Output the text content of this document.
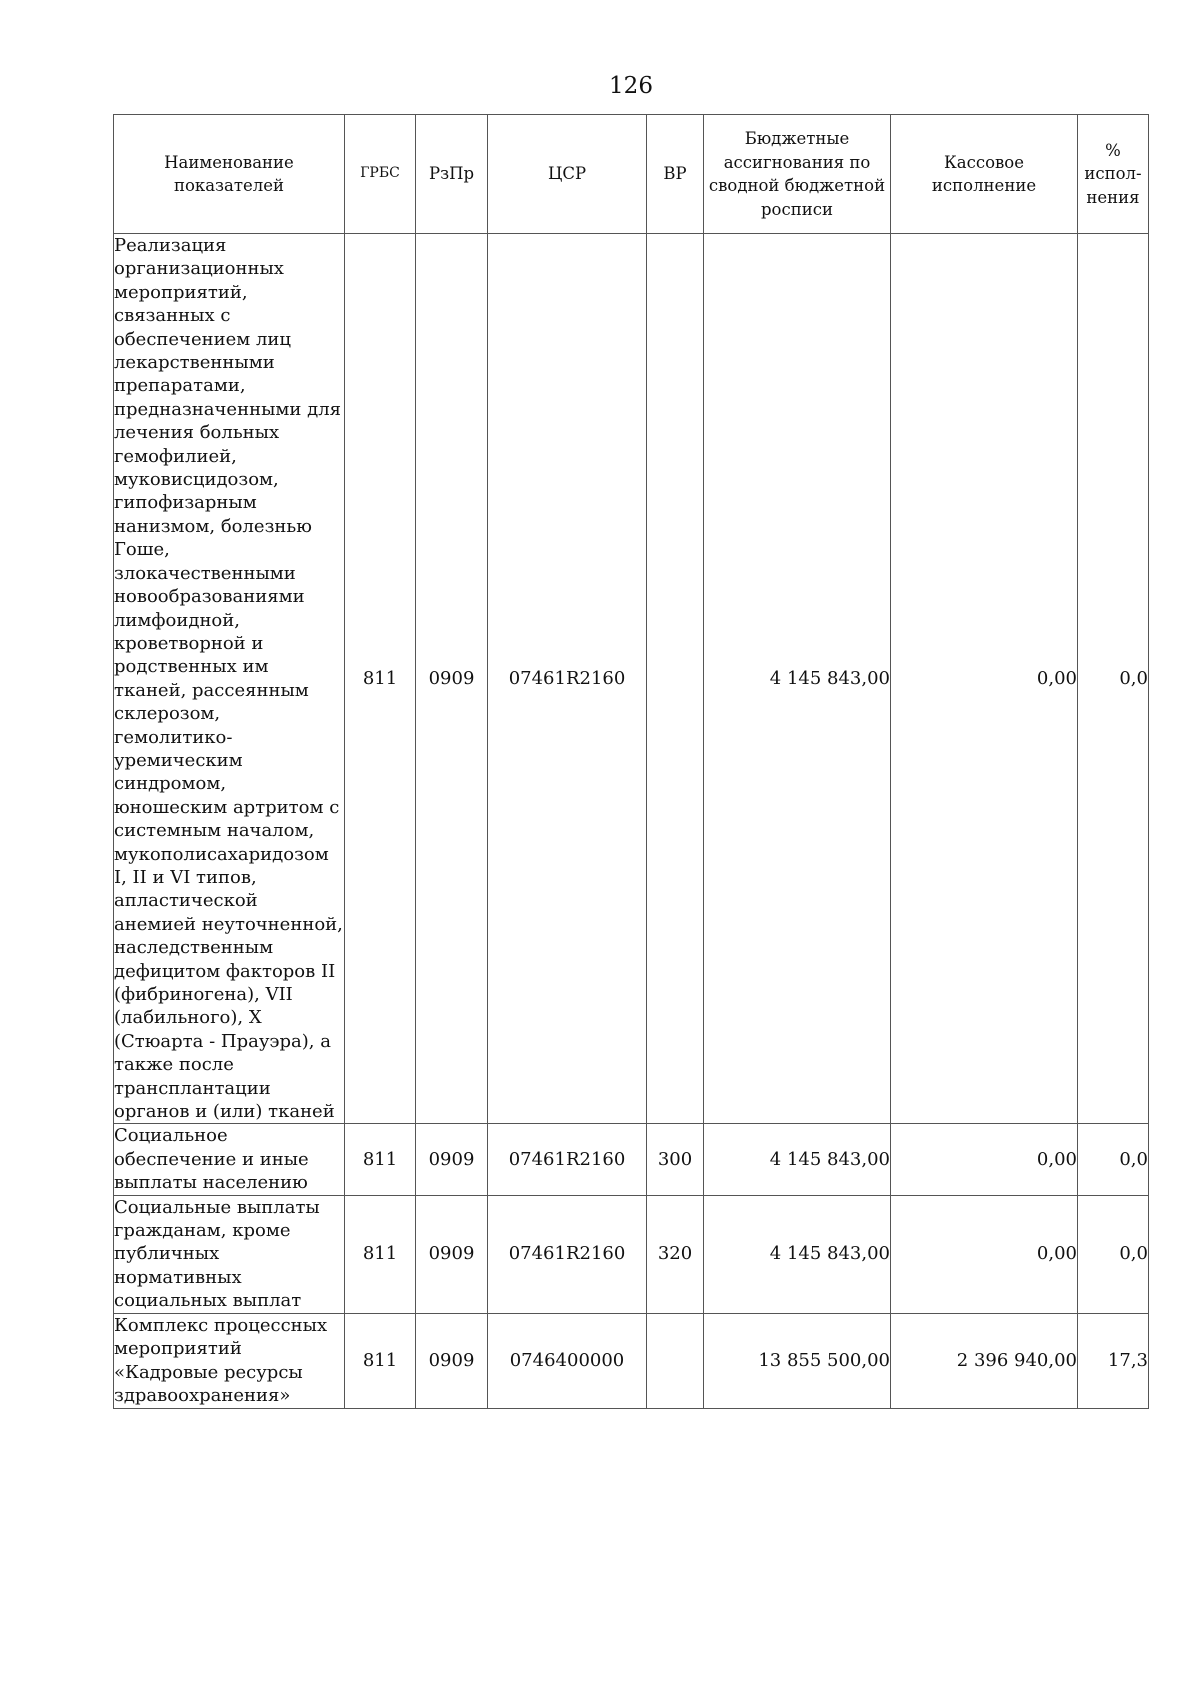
126
Наименование показателей	ГРБС	РзПр	ЦСР	ВР	Бюджетные ассигнования по сводной бюджетной росписи	Кассовое исполнение	% испол-нения
Реализация организационных мероприятий, связанных с обеспечением лиц лекарственными препаратами, предназначенными для лечения больных гемофилией, муковисцидозом, гипофизарным нанизмом, болезнью Гоше, злокачественными новообразованиями лимфоидной, кроветворной и родственных им тканей, рассеянным склерозом, гемолитико-уремическим синдромом, юношеским артритом с системным началом, мукополисахаридозом I, II и VI типов, апластической анемией неуточненной, наследственным дефицитом факторов II (фибриногена), VII (лабильного), X (Стюарта - Прауэра), а также после трансплантации органов и (или) тканей	811	0909	07461R2160		4 145 843,00	0,00	0,0
Социальное обеспечение и иные выплаты населению	811	0909	07461R2160	300	4 145 843,00	0,00	0,0
Социальные выплаты гражданам, кроме публичных нормативных социальных выплат	811	0909	07461R2160	320	4 145 843,00	0,00	0,0
Комплекс процессных мероприятий «Кадровые ресурсы здравоохранения»	811	0909	0746400000		13 855 500,00	2 396 940,00	17,3
